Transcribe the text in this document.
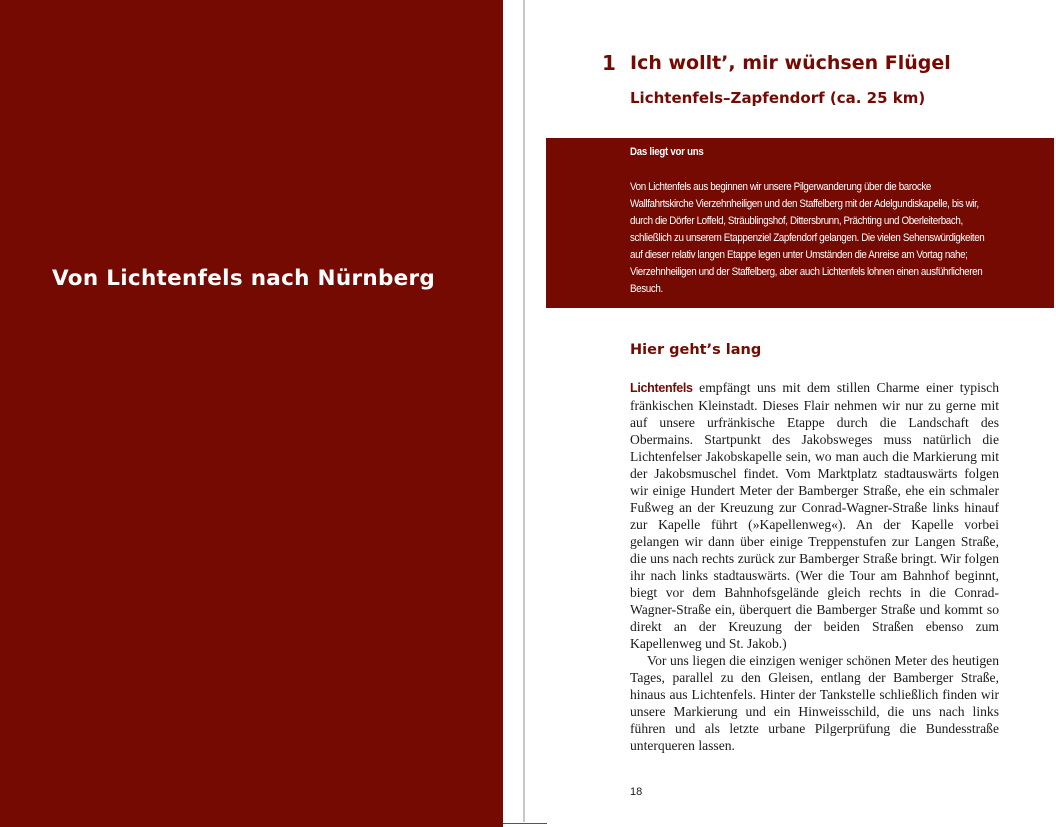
Von Lichtenfels nach Nürnberg
1 Ich wollt’, mir wüchsen Flügel
Lichtenfels–Zapfendorf (ca. 25 km)
Das liegt vor uns
Von Lichtenfels aus beginnen wir unsere Pilgerwanderung über die barocke Wallfahrtskirche Vierzehnheiligen und den Staffelberg mit der Adelgundiskapelle, bis wir, durch die Dörfer Loffeld, Sträublingshof, Dittersbrunn, Prächting und Oberleiterbach, schließlich zu unserem Etappenziel Zapfendorf gelangen. Die vielen Sehenswürdigkeiten auf dieser relativ langen Etappe legen unter Umständen die Anreise am Vortag nahe; Vierzehnheiligen und der Staffelberg, aber auch Lichtenfels lohnen einen ausführlicheren Besuch.
Hier geht’s lang

Lichtenfels empfängt uns mit dem stillen Charme einer typisch fränkischen Kleinstadt. Dieses Flair nehmen wir nur zu gerne mit auf unsere urfränkische Etappe durch die Landschaft des Obermains. Startpunkt des Jakobsweges muss natürlich die Lichtenfelser Jakobskapelle sein, wo man auch die Markierung mit der Jakobsmuschel findet. Vom Marktplatz stadtauswärts folgen wir einige Hundert Meter der Bamberger Straße, ehe ein schmaler Fußweg an der Kreuzung zur Conrad-Wagner-Straße links hinauf zur Kapelle führt (»Kapellenweg«). An der Kapelle vorbei gelangen wir dann über einige Treppenstufen zur Langen Straße, die uns nach rechts zurück zur Bamberger Straße bringt. Wir folgen ihr nach links stadtauswärts. (Wer die Tour am Bahnhof beginnt, biegt vor dem Bahnhofsgelände gleich rechts in die Conrad-Wagner-Straße ein, überquert die Bamberger Straße und kommt so direkt an der Kreuzung der beiden Straßen ebenso zum Kapellenweg und St. Jakob.)

Vor uns liegen die einzigen weniger schönen Meter des heutigen Tages, parallel zu den Gleisen, entlang der Bamberger Straße, hinaus aus Lichtenfels. Hinter der Tankstelle schließlich finden wir unsere Markierung und ein Hinweisschild, die uns nach links führen und als letzte urbane Pilgerprüfung die Bundesstraße unterqueren lassen.

18
